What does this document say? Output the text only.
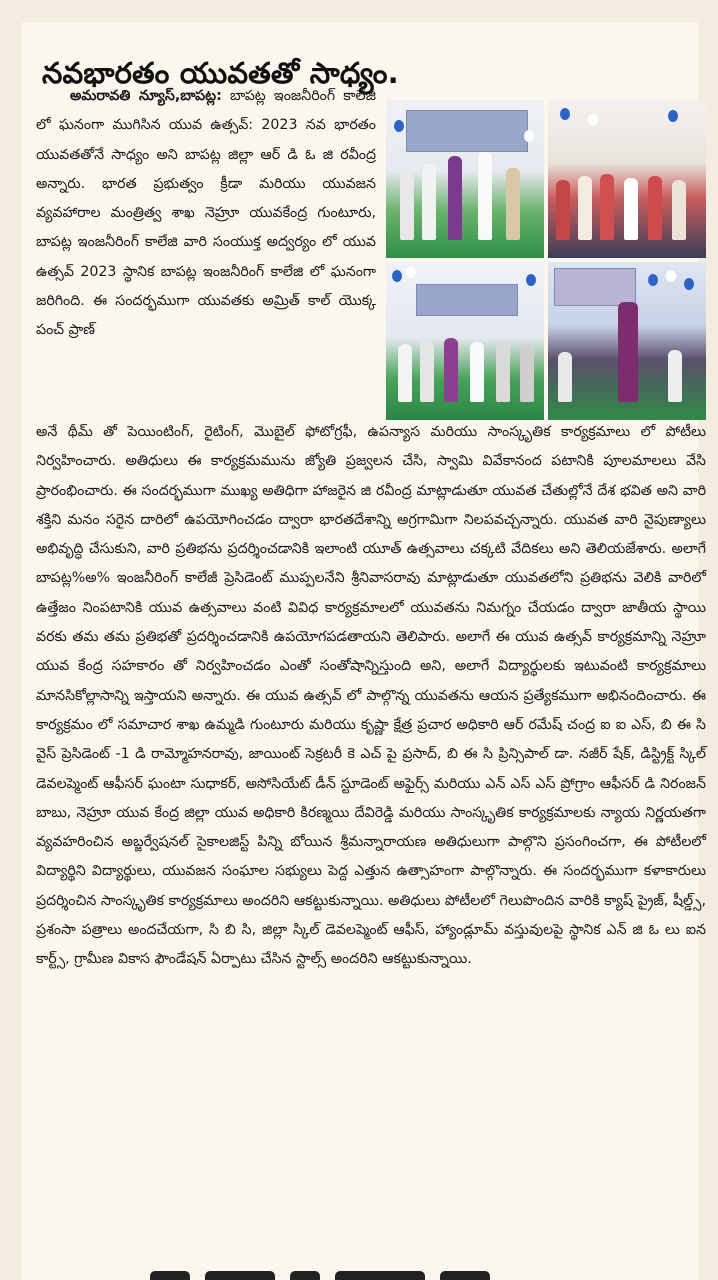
నవభారతం యువతతో సాధ్యం.

అమరావతి న్యూస్,బాపట్ల: బాపట్ల ఇంజనీరింగ్ కాలేజి లో ఘనంగా ముగిసిన యువ ఉత్సవ్: 2023 నవ భారతం యువతతోనే సాధ్యం అని బాపట్ల జిల్లా ఆర్ డి ఓ జి రవీంద్ర అన్నారు. భారత ప్రభుత్వం క్రీడా మరియు యువజన వ్యవహారాల మంత్రిత్వ శాఖ నెహ్రూ యువకేంద్ర గుంటూరు, బాపట్ల ఇంజనీరింగ్ కాలేజి వారి సంయుక్త అద్వర్యం లో యువ ఉత్సవ్ 2023 స్థానిక బాపట్ల ఇంజనీరింగ్ కాలేజి లో ఘనంగా జరిగింది. ఈ సందర్భముగా యువతకు అమ్రిత్ కాల్ యొక్క పంచ్ ప్రాణ్

అనే థీమ్ తో పెయింటింగ్, రైటింగ్, మొబైల్ ఫోటోగ్రఫీ, ఉపన్యాస మరియు సాంస్కృతిక కార్యక్రమాలు లో పోటీలు నిర్వహించారు. అతిధులు ఈ కార్యక్రమమును జ్యోతి ప్రజ్వలన చేసి, స్వామి వివేకానంద పటానికి పూలమాలలు వేసి ప్రారంభించారు. ఈ సందర్భముగా ముఖ్య అతిధిగా హాజరైన జి రవీంద్ర మాట్లాడుతూ యువత చేతుల్లోనే దేశ భవిత అని వారి శక్తిని మనం సరైన దారిలో ఉపయోగించడం ద్వారా భారతదేశాన్ని అగ్రగామిగా నిలపవచ్చన్నారు. యువత వారి నైపుణ్యాలు అభివృద్ధి చేసుకుని, వారి ప్రతిభను ప్రదర్శించడానికి ఇలాంటి యూత్ ఉత్సవాలు చక్కటి వేదికలు అని తెలియజేశారు. అలాగే బాపట్ల%అ% ఇంజనీరింగ్ కాలేజీ ప్రెసిడెంట్ ముప్పలనేని శ్రీనివాసరావు మాట్లాడుతూ యువతలోని ప్రతిభను వెలికి వారిలో ఉత్తేజం నింపటానికి యువ ఉత్సవాలు వంటి వివిధ కార్యక్రమాలలో యువతను నిమగ్నం చేయడం ద్వారా జాతీయ స్థాయి వరకు తమ తమ ప్రతిభతో ప్రదర్శించడానికి ఉపయోగపడతాయని తెలిపారు. అలాగే ఈ యువ ఉత్సవ్ కార్యక్రమాన్ని నెహ్రూ యువ కేంద్ర సహకారం తో నిర్వహించడం ఎంతో సంతోషాన్నిస్తుంది అని, అలాగే విద్యార్థులకు ఇటువంటి కార్యక్రమాలు మానసికోల్లాసాన్ని ఇస్తాయని అన్నారు. ఈ యువ ఉత్సవ్ లో పాల్గొన్న యువతను ఆయన ప్రత్యేకముగా అభినందించారు. ఈ కార్యక్రమం లో సమాచార శాఖ ఉమ్మడి గుంటూరు మరియు కృష్ణా క్షేత్ర ప్రచార అధికారి ఆర్ రమేష్ చంద్ర ఐ ఐ ఎస్, బి ఈ సి వైస్ ప్రెసిడెంట్ -1 డి రామ్మోహనరావు, జాయింట్ సెక్రటరీ కె ఎచ్ పై ప్రసాద్, బి ఈ సి ప్రిన్సిపాల్ డా. నజీర్ షేక్, డిస్ట్రిక్ట్ స్కిల్ డెవలప్మెంట్ ఆఫీసర్ ఘంటా సుధాకర్, అసోసియేట్ డీన్ స్టూడెంట్ అఫైర్స్ మరియు ఎన్ ఎస్ ఎస్ ప్రోగ్రాం ఆఫీసర్ డి నిరంజన్ బాబు, నెహ్రూ యువ కేంద్ర జిల్లా యువ అధికారి కిరణ్మయి దేవిరెడ్డి మరియు సాంస్కృతిక కార్యక్రమాలకు న్యాయ నిర్ణయతగా వ్యవహరించిన అబ్జర్వేషనల్ సైకాలజిస్ట్ పిన్ని బోయిన శ్రీమన్నారాయణ అతిధులుగా పాల్గొని ప్రసంగించగా, ఈ పోటీలలో విద్యార్థిని విద్యార్థులు, యువజన సంఘాల సభ్యులు పెద్ద ఎత్తున ఉత్సాహంగా పాల్గొన్నారు. ఈ సందర్భముగా కళాకారులు ప్రదర్శించిన సాంస్కృతిక కార్యక్రమాలు అందరిని ఆకట్టుకున్నాయి. అతిధులు పోటీలలో గెలుపొందిన వారికి క్యాష్ ప్రైజ్, షీల్డ్స్, ప్రశంసా పత్రాలు అందచేయగా, సి బి సి, జిల్లా స్కిల్ డెవలప్మెంట్ ఆఫీస్, హ్యాండ్లూమ్ వస్తువులపై స్థానిక ఎన్ జి ఓ లు ఐన కార్ట్స్, గ్రామీణ వికాస ఫౌండేషన్ ఏర్పాటు చేసిన స్టాల్స్ అందరిని ఆకట్టుకున్నాయి.
